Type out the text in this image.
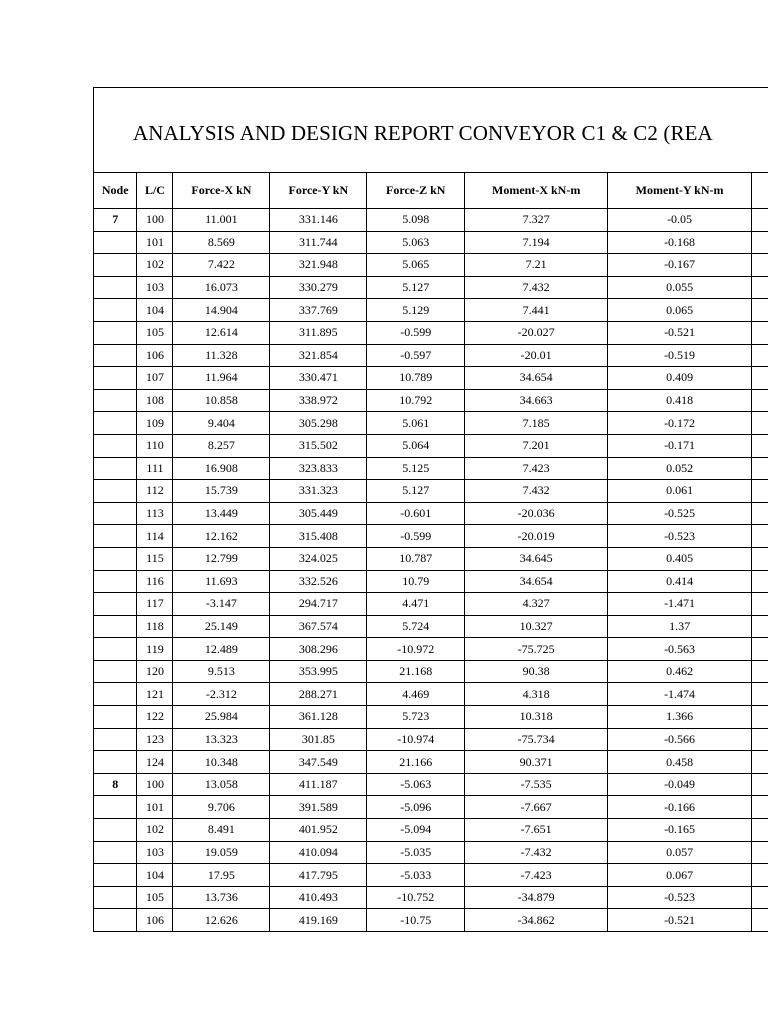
ANALYSIS AND DESIGN REPORT CONVEYOR C1 & C2 (REA
Node	L/C	Force-X kN	Force-Y kN	Force-Z kN	Moment-X kN-m	Moment-Y kN-m	
7	100	11.001	331.146	5.098	7.327	-0.05	
	101	8.569	311.744	5.063	7.194	-0.168	
	102	7.422	321.948	5.065	7.21	-0.167	
	103	16.073	330.279	5.127	7.432	0.055	
	104	14.904	337.769	5.129	7.441	0.065	
	105	12.614	311.895	-0.599	-20.027	-0.521	
	106	11.328	321.854	-0.597	-20.01	-0.519	
	107	11.964	330.471	10.789	34.654	0.409	
	108	10.858	338.972	10.792	34.663	0.418	
	109	9.404	305.298	5.061	7.185	-0.172	
	110	8.257	315.502	5.064	7.201	-0.171	
	111	16.908	323.833	5.125	7.423	0.052	
	112	15.739	331.323	5.127	7.432	0.061	
	113	13.449	305.449	-0.601	-20.036	-0.525	
	114	12.162	315.408	-0.599	-20.019	-0.523	
	115	12.799	324.025	10.787	34.645	0.405	
	116	11.693	332.526	10.79	34.654	0.414	
	117	-3.147	294.717	4.471	4.327	-1.471	
	118	25.149	367.574	5.724	10.327	1.37	
	119	12.489	308.296	-10.972	-75.725	-0.563	
	120	9.513	353.995	21.168	90.38	0.462	
	121	-2.312	288.271	4.469	4.318	-1.474	
	122	25.984	361.128	5.723	10.318	1.366	
	123	13.323	301.85	-10.974	-75.734	-0.566	
	124	10.348	347.549	21.166	90.371	0.458	
8	100	13.058	411.187	-5.063	-7.535	-0.049	
	101	9.706	391.589	-5.096	-7.667	-0.166	
	102	8.491	401.952	-5.094	-7.651	-0.165	
	103	19.059	410.094	-5.035	-7.432	0.057	
	104	17.95	417.795	-5.033	-7.423	0.067	
	105	13.736	410.493	-10.752	-34.879	-0.523	
	106	12.626	419.169	-10.75	-34.862	-0.521	
